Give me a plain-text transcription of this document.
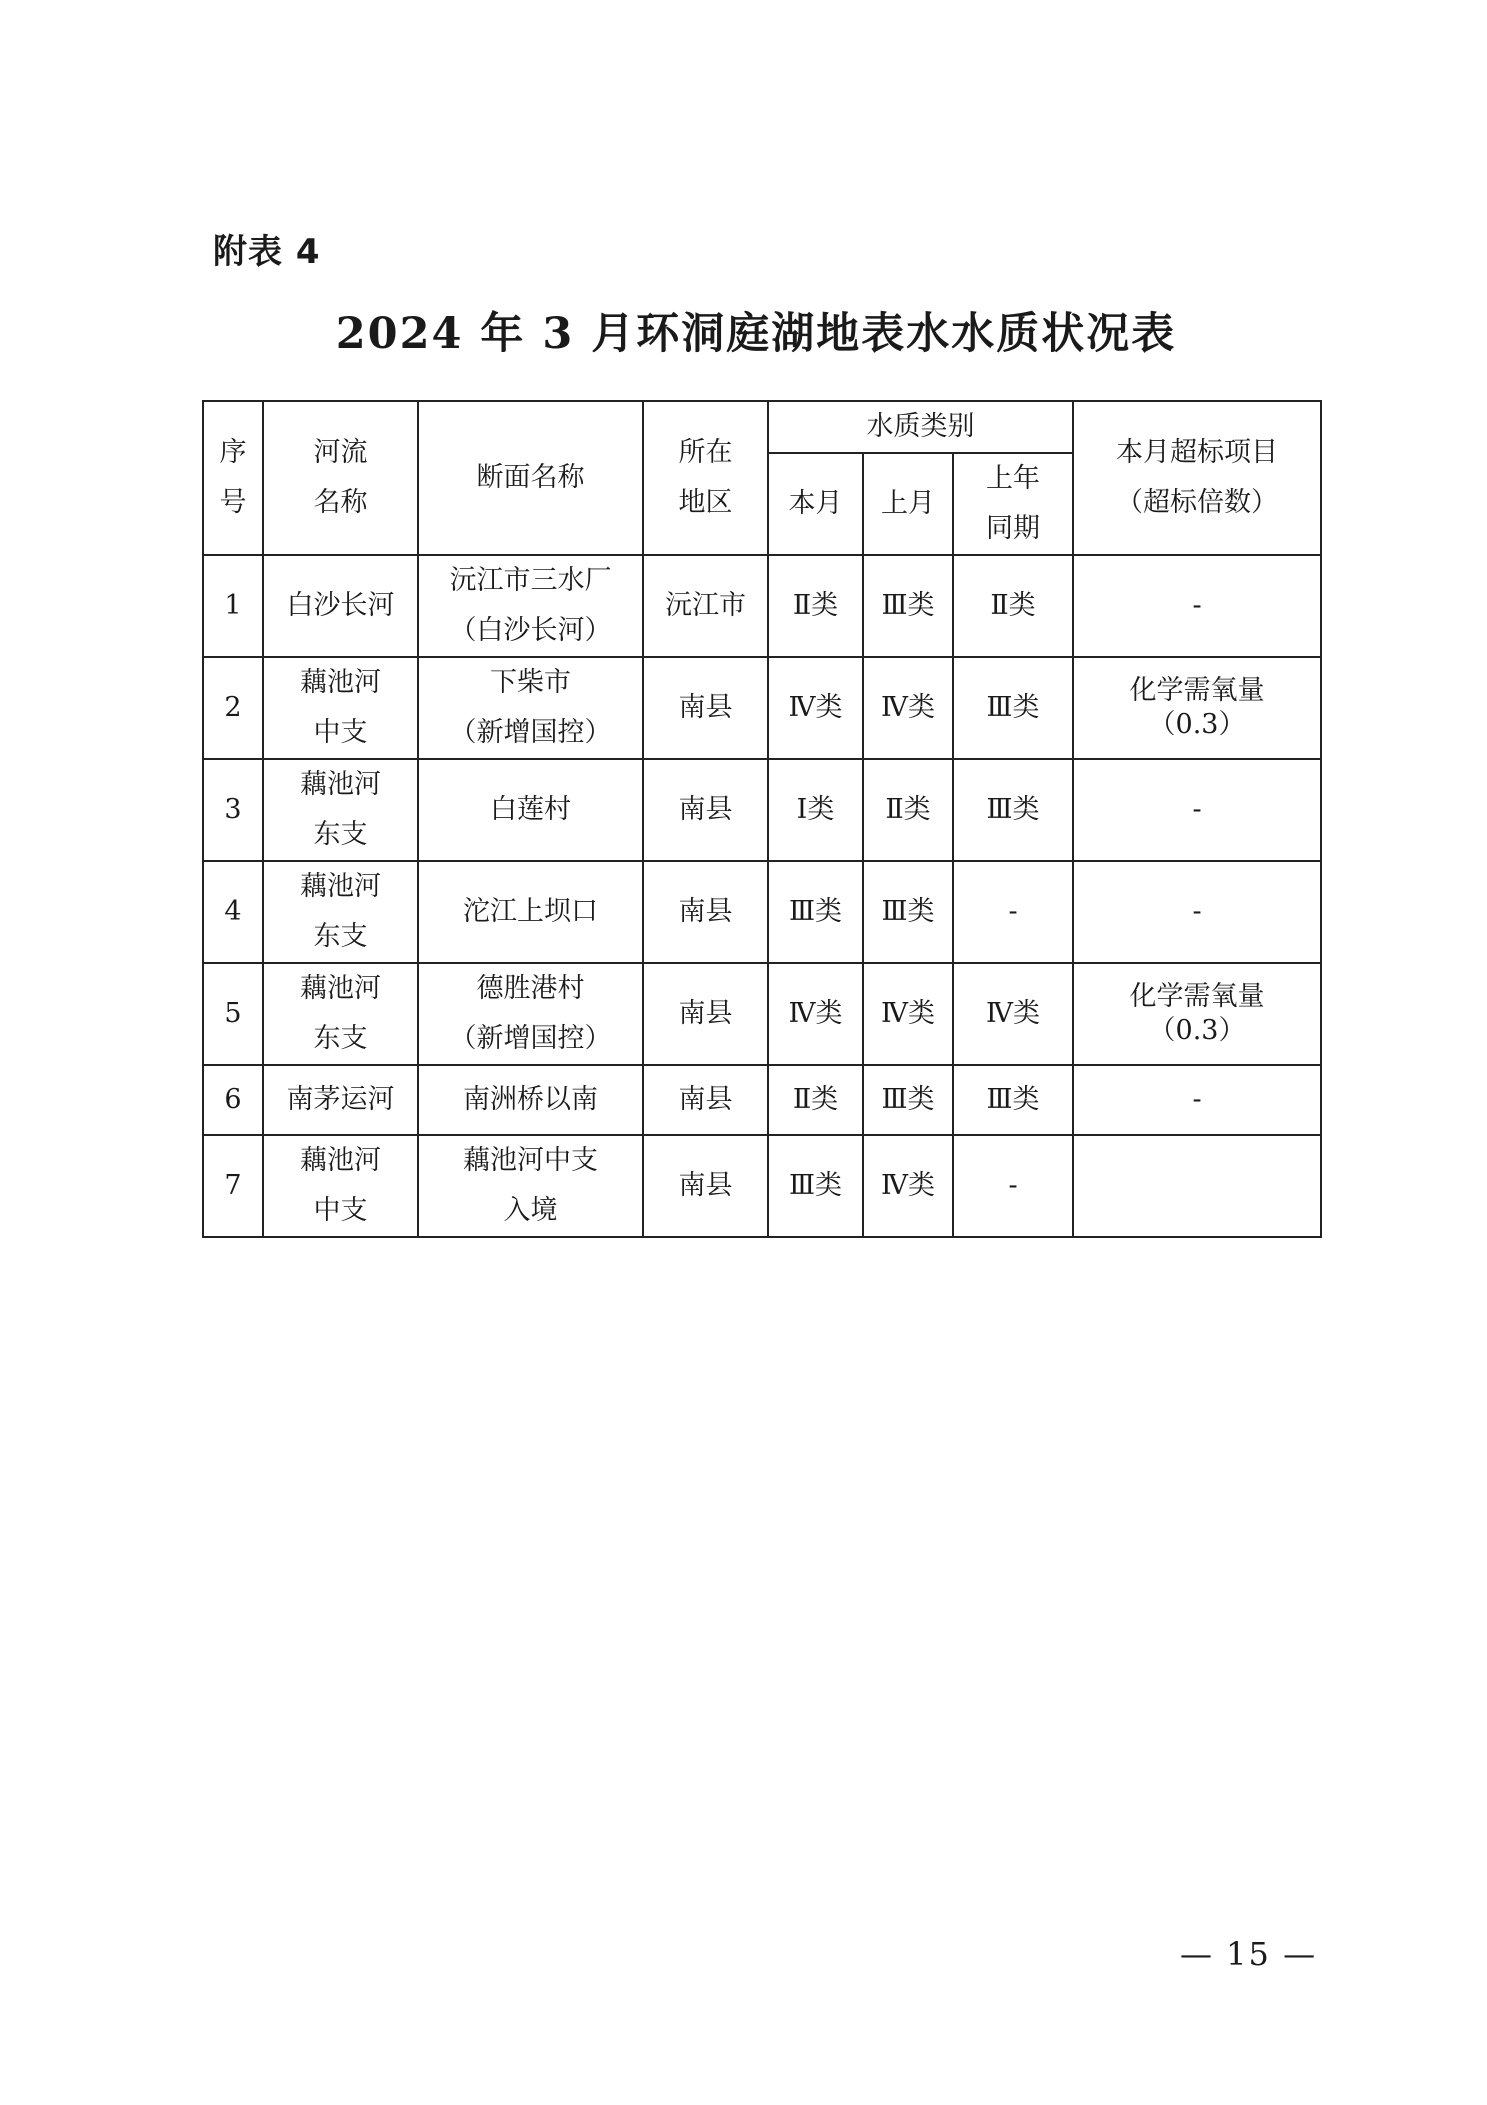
附表 4
2024 年 3 月环洞庭湖地表水水质状况表
序
号	河流
名称	断面名称	所在
地区	水质类别			本月超标项目
（超标倍数）

				本月	上月	上年
同期	

1	白沙长河	沅江市三水厂
（白沙长河）	沅江市	Ⅱ类	Ⅲ类	Ⅱ类	-

2	藕池河
中支	下柴市
（新增国控）	南县	Ⅳ类	Ⅳ类	Ⅲ类	化学需氧量
（0.3）

3	藕池河
东支	白莲村	南县	Ⅰ类	Ⅱ类	Ⅲ类	-

4	藕池河
东支	沱江上坝口	南县	Ⅲ类	Ⅲ类	-	-

5	藕池河
东支	德胜港村
（新增国控）	南县	Ⅳ类	Ⅳ类	Ⅳ类	化学需氧量
（0.3）

6	南茅运河	南洲桥以南	南县	Ⅱ类	Ⅲ类	Ⅲ类	-

7	藕池河
中支	藕池河中支
入境	南县	Ⅲ类	Ⅳ类	-	
— 15 —
